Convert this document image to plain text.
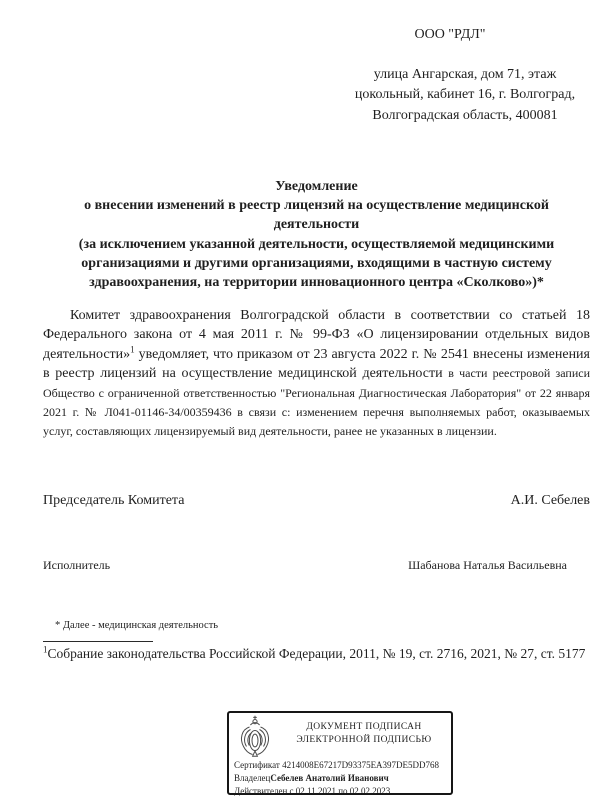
ООО "РДЛ"
улица Ангарская, дом 71, этаж
цокольный, кабинет 16, г. Волгоград,
Волгоградская область, 400081
Уведомление
о внесении изменений в реестр лицензий на осуществление медицинской
деятельности
(за исключением указанной деятельности, осуществляемой медицинскими
организациями и другими организациями, входящими в частную систему
здравоохранения, на территории инновационного центра «Сколково»)*
Комитет здравоохранения Волгоградской области в соответствии со статьей 18 Федерального закона от 4 мая 2011 г. № 99-ФЗ «О лицензировании отдельных видов деятельности»$^1$ уведомляет, что приказом от 23 августа 2022 г. № 2541 внесены изменения в реестр лицензий на осуществление медицинской деятельности в части реестровой записи Общество с ограниченной ответственностью "Региональная Диагностическая Лаборатория" от 22 января 2021 г. № Л041-01146-34/00359436 в связи с: изменением перечня выполняемых работ, оказываемых услуг, составляющих лицензируемый вид деятельности, ранее не указанных в лицензии.
Председатель Комитета	А.И. Себелев
Исполнитель	Шабанова Наталья Васильевна
* Далее - медицинская деятельность
$^1$Собрание законодательства Российской Федерации, 2011, № 19, ст. 2716, 2021, № 27, ст. 5177
ДОКУМЕНТ ПОДПИСАН
ЭЛЕКТРОННОЙ ПОДПИСЬЮ
Сертификат 4214008E67217D93375EA397DE5DD768
ВладелецСебелев Анатолий Иванович
Действителен с 02.11.2021 по 02.02.2023
